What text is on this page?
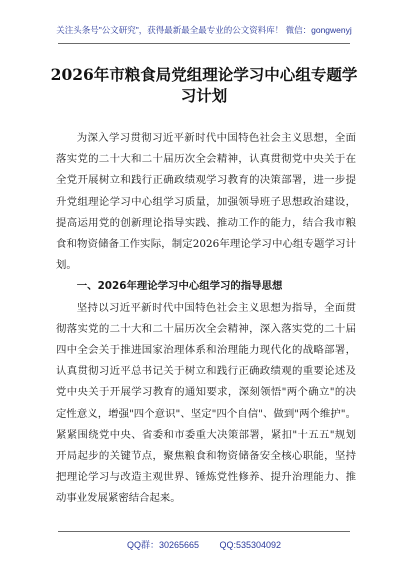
关注头条号"公文研究"，获得最新最全最专业的公文资料库！ 微信：gongwenyj
2026年市粮食局党组理论学习中心组专题学习计划

为深入学习贯彻习近平新时代中国特色社会主义思想，全面落实党的二十大和二十届历次全会精神，认真贯彻党中央关于在全党开展树立和践行正确政绩观学习教育的决策部署，进一步提升党组理论学习中心组学习质量，加强领导班子思想政治建设，提高运用党的创新理论指导实践、推动工作的能力，结合我市粮食和物资储备工作实际，制定2026年理论学习中心组专题学习计划。

一、2026年理论学习中心组学习的指导思想

坚持以习近平新时代中国特色社会主义思想为指导，全面贯彻落实党的二十大和二十届历次全会精神，深入落实党的二十届四中全会关于推进国家治理体系和治理能力现代化的战略部署，认真贯彻习近平总书记关于树立和践行正确政绩观的重要论述及党中央关于开展学习教育的通知要求，深刻领悟"两个确立"的决定性意义，增强"四个意识"、坚定"四个自信"、做到"两个维护"。紧紧围绕党中央、省委和市委重大决策部署，紧扣"十五五"规划开局起步的关键节点，聚焦粮食和物资储备安全核心职能，坚持把理论学习与改造主观世界、锤炼党性修养、提升治理能力、推动事业发展紧密结合起来。

QQ群：30265665 QQ:535304092
